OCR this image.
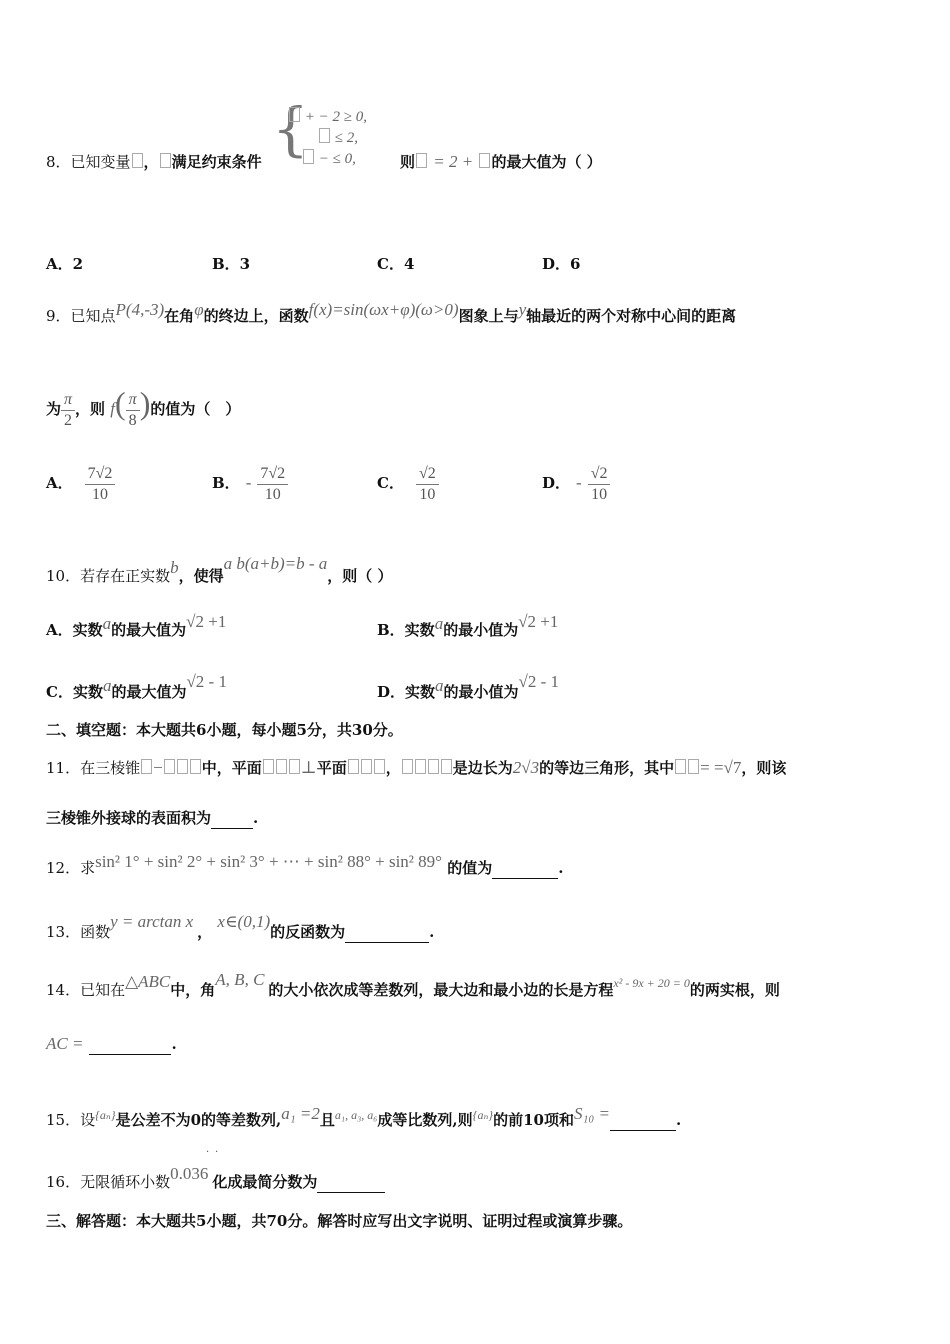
{
+ − 2 ≥ 0,
≤ 2,
− ≤ 0,
8．已知变量 ， 满足约束条件	则 = 2 + 的最大值为（ ）
A．2	B．3	C．4	D．6
9．已知点P(4,-3)在角φ的终边上，函数f(x)=sin(ωx+φ)(ω>0)图象上与y轴最近的两个对称中心间的距离
为 $\frac{\pi}{2}$ ，则 $f( \frac{\pi}{8}$ )的值为（　）
A． $\frac{7√2}{10}$	B． - $\frac{7√2}{10}$	C． $\frac{√2}{10}$	D． - $\frac{√2}{10}$
10．若存在正实数b，使得a b(a+b)=b - a，则（ ）
A．实数a的最大值为√2 +1	B．实数a的最小值为√2 +1
C．实数a的最大值为√2 - 1
D．实数a的最小值为√2 - 1
二、填空题：本大题共6小题，每小题5分，共30分。
11．在三棱锥 −	中，平面 ⊥平面	，	是边长为2√3的等边三角形，其中 = =√7，则该
三棱锥外接球的表面积为	.
12．求sin² 1° + sin² 2° + sin² 3° + ⋯ + sin² 88° + sin² 89° 的值为	.
13．函数y = arctan x， x∈(0,1)的反函数为	.
14．已知在△ABC中，角A, B, C的大小依次成等差数列，最大边和最小边的长是方程$^{x^2 - 9x + 20 = 0}$的两实根，则
AC =	.
15．设$^{\{a_n\}}$是公差不为0的等差数列,a₁ =2且$^{a_1, a_3, a_6}$成等比数列,则$^{\{a_n\}}$的前10项和S₁₀ =	.
· ·
16．无限循环小数0.036 化成最简分数为
三、解答题：本大题共5小题，共70分。解答时应写出文字说明、证明过程或演算步骤。
